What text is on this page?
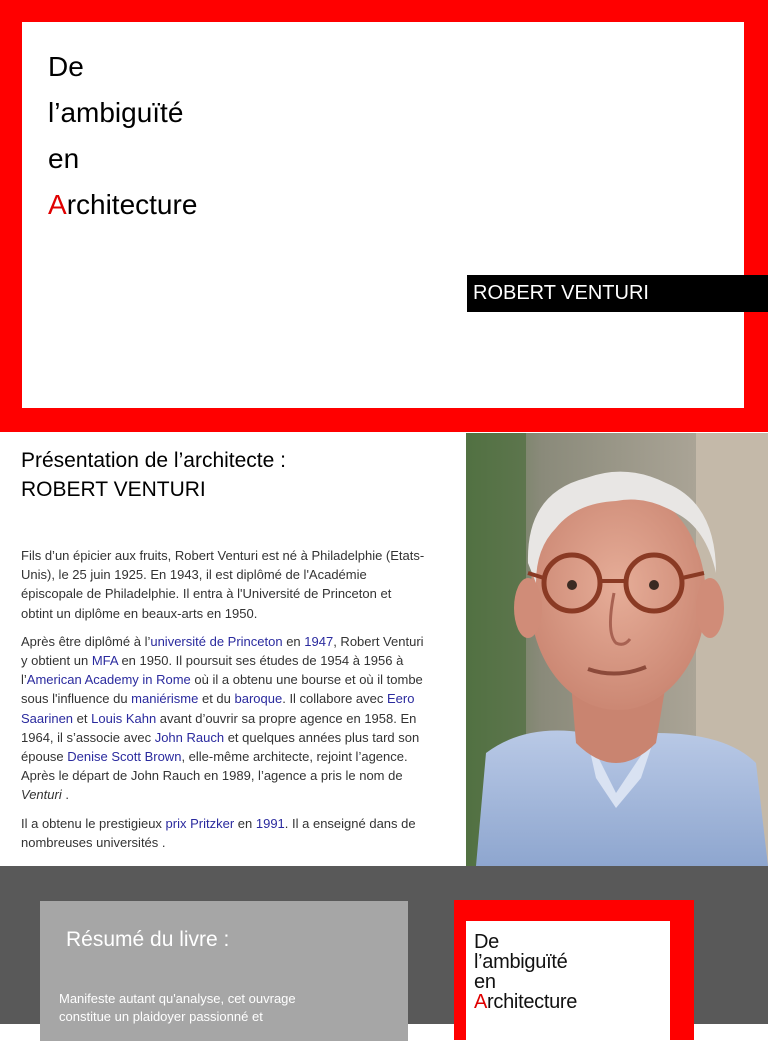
De
l’ambiguïté
en
Architecture
ROBERT VENTURI
Présentation de l’architecte :
ROBERT VENTURI

Fils d’un épicier aux fruits, Robert Venturi est né à Philadelphie (Etats-Unis), le 25 juin 1925. En 1943, il est diplômé de l'Académie épiscopale de Philadelphie. Il entra à l'Université de Princeton et obtint un diplôme en beaux-arts en 1950.

Après être diplômé à l’université de Princeton en 1947, Robert Venturi y obtient un MFA en 1950. Il poursuit ses études de 1954 à 1956 à l’American Academy in Rome où il a obtenu une bourse et où il tombe sous l'influence du maniérisme et du baroque. Il collabore avec Eero Saarinen et Louis Kahn avant d’ouvrir sa propre agence en 1958. En 1964, il s’associe avec John Rauch et quelques années plus tard son épouse Denise Scott Brown, elle-même architecte, rejoint l’agence. Après le départ de John Rauch en 1989, l’agence a pris le nom de Venturi .

Il a obtenu le prestigieux prix Pritzker en 1991. Il a enseigné dans de nombreuses universités .

Résumé du livre :
Manifeste autant qu'analyse, cet ouvrage constitue un plaidoyer passionné et
De
l’ambiguïté
en
Architecture
